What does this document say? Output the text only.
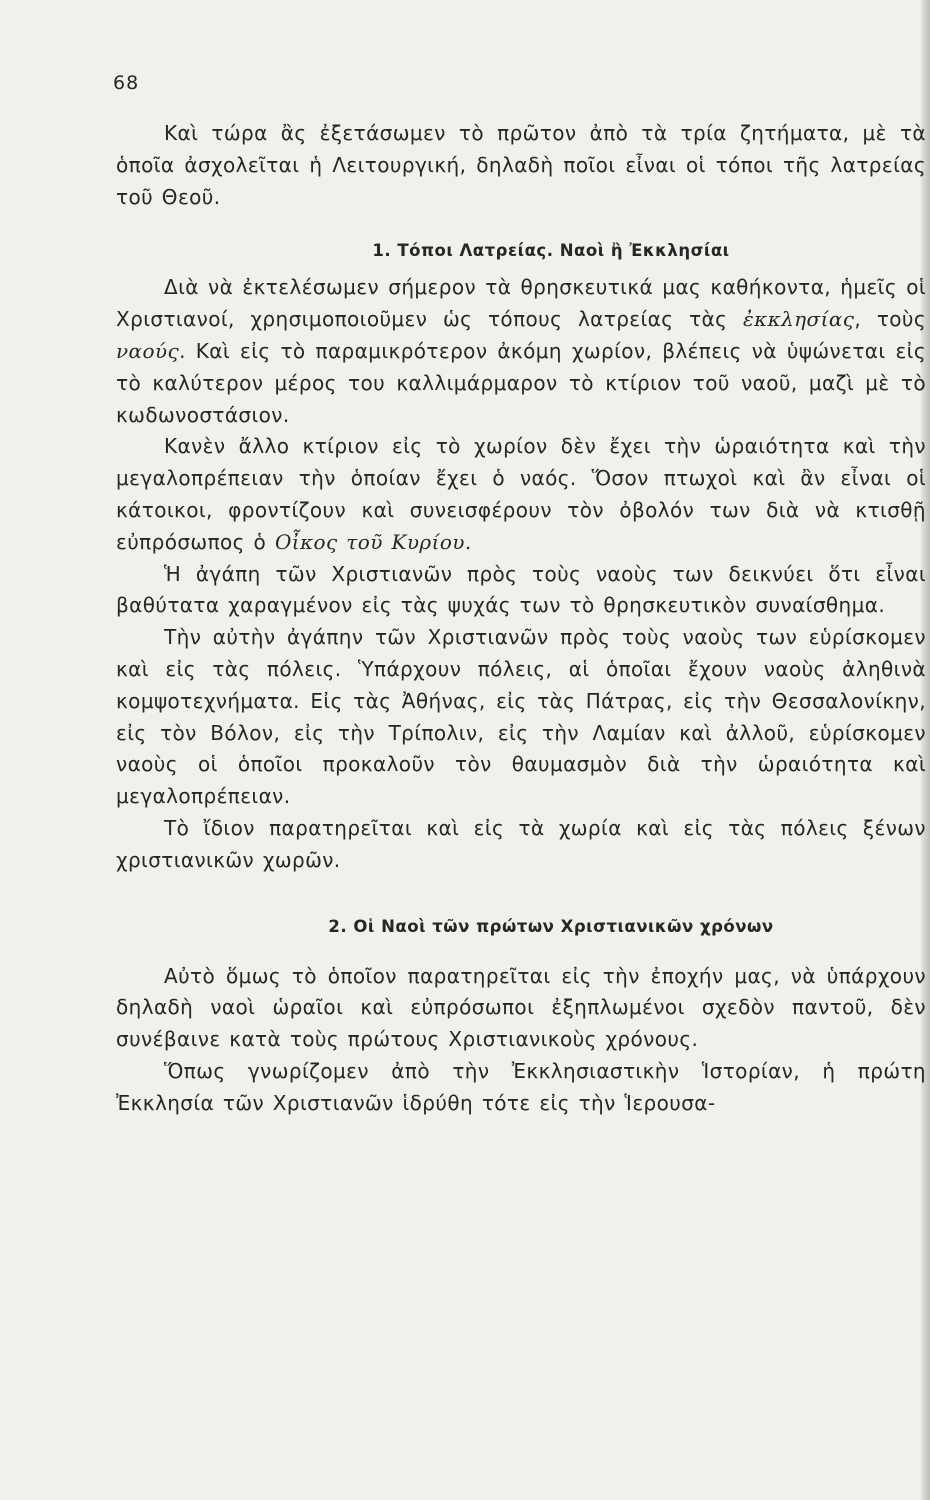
68

Καὶ τώρα ἂς ἐξετάσωμεν τὸ πρῶτον ἀπὸ τὰ τρία ζητήματα, μὲ τὰ ὁποῖα ἀσχολεῖται ἡ Λειτουργική, δηλαδὴ ποῖοι εἶναι οἱ τόποι τῆς λατρείας τοῦ Θεοῦ.

1. Τόποι Λατρείας. Ναοὶ ἢ Ἐκκλησίαι

Διὰ νὰ ἐκτελέσωμεν σήμερον τὰ θρησκευτικά μας καθήκοντα, ἡμεῖς οἱ Χριστιανοί, χρησιμοποιοῦμεν ὡς τόπους λατρείας τὰς ἐκκλησίας, τοὺς ναούς. Καὶ εἰς τὸ παραμικρότερον ἀκόμη χωρίον, βλέπεις νὰ ὑψώνεται εἰς τὸ καλύτερον μέρος του καλλιμάρμαρον τὸ κτίριον τοῦ ναοῦ, μαζὶ μὲ τὸ κωδωνοστάσιον.

Κανὲν ἄλλο κτίριον εἰς τὸ χωρίον δὲν ἔχει τὴν ὡραιότητα καὶ τὴν μεγαλοπρέπειαν τὴν ὁποίαν ἔχει ὁ ναός. Ὅσον πτωχοὶ καὶ ἂν εἶναι οἱ κάτοικοι, φροντίζουν καὶ συνεισφέρουν τὸν ὀβολόν των διὰ νὰ κτισθῇ εὐπρόσωπος ὁ Οἶκος τοῦ Κυρίου.

Ἡ ἀγάπη τῶν Χριστιανῶν πρὸς τοὺς ναοὺς των δεικνύει ὅτι εἶναι βαθύτατα χαραγμένον εἰς τὰς ψυχάς των τὸ θρησκευτικὸν συναίσθημα.

Τὴν αὐτὴν ἀγάπην τῶν Χριστιανῶν πρὸς τοὺς ναοὺς των εὑρίσκομεν καὶ εἰς τὰς πόλεις. Ὑπάρχουν πόλεις, αἱ ὁποῖαι ἔχουν ναοὺς ἀληθινὰ κομψοτεχνήματα. Εἰς τὰς Ἀθήνας, εἰς τὰς Πάτρας, εἰς τὴν Θεσσαλονίκην, εἰς τὸν Βόλον, εἰς τὴν Τρίπολιν, εἰς τὴν Λαμίαν καὶ ἀλλοῦ, εὑρίσκομεν ναοὺς οἱ ὁποῖοι προκαλοῦν τὸν θαυμασμὸν διὰ τὴν ὡραιότητα καὶ μεγαλοπρέπειαν.

Τὸ ἴδιον παρατηρεῖται καὶ εἰς τὰ χωρία καὶ εἰς τὰς πόλεις ξένων χριστιανικῶν χωρῶν.

2. Οἱ Ναοὶ τῶν πρώτων Χριστιανικῶν χρόνων

Αὐτὸ ὅμως τὸ ὁποῖον παρατηρεῖται εἰς τὴν ἐποχήν μας, νὰ ὑπάρχουν δηλαδὴ ναοὶ ὡραῖοι καὶ εὐπρόσωποι ἐξηπλωμένοι σχεδὸν παντοῦ, δὲν συνέβαινε κατὰ τοὺς πρώτους Χριστιανικοὺς χρόνους.

Ὅπως γνωρίζομεν ἀπὸ τὴν Ἐκκλησιαστικὴν Ἱστορίαν, ἡ πρώτη Ἐκκλησία τῶν Χριστιανῶν ἱδρύθη τότε εἰς τὴν Ἱερουσα-
